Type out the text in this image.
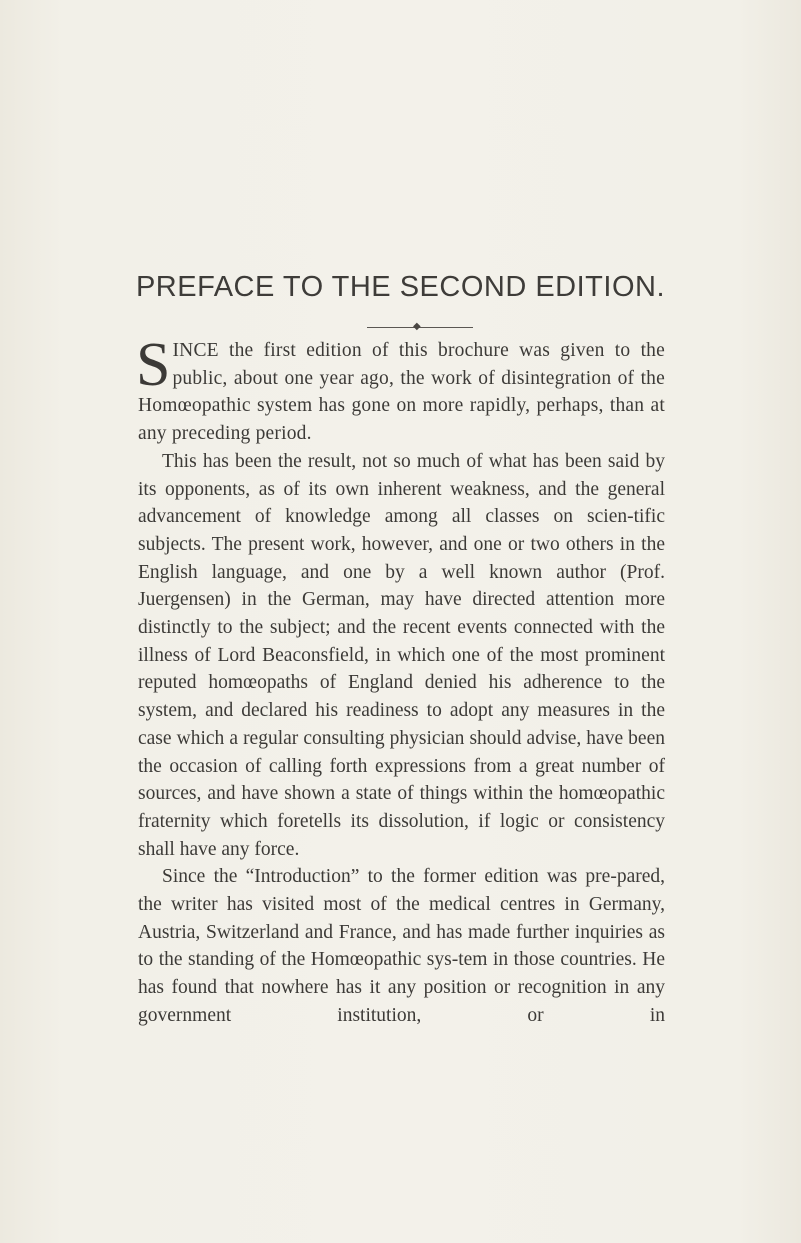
PREFACE TO THE SECOND EDITION.
◆

SINCE the first edition of this brochure was given to the public, about one year ago, the work of disintegration of the Homœopathic system has gone on more rapidly, perhaps, than at any preceding period.

This has been the result, not so much of what has been said by its opponents, as of its own inherent weakness, and the general advancement of knowledge among all classes on scien-tific subjects. The present work, however, and one or two others in the English language, and one by a well known author (Prof. Juergensen) in the German, may have directed attention more distinctly to the subject; and the recent events connected with the illness of Lord Beaconsfield, in which one of the most prominent reputed homœopaths of England denied his adherence to the system, and declared his readiness to adopt any measures in the case which a regular consulting physician should advise, have been the occasion of calling forth expressions from a great number of sources, and have shown a state of things within the homœopathic fraternity which foretells its dissolution, if logic or consistency shall have any force.

Since the “Introduction” to the former edition was pre-pared, the writer has visited most of the medical centres in Germany, Austria, Switzerland and France, and has made further inquiries as to the standing of the Homœopathic sys-tem in those countries. He has found that nowhere has it any position or recognition in any government institution, or in
